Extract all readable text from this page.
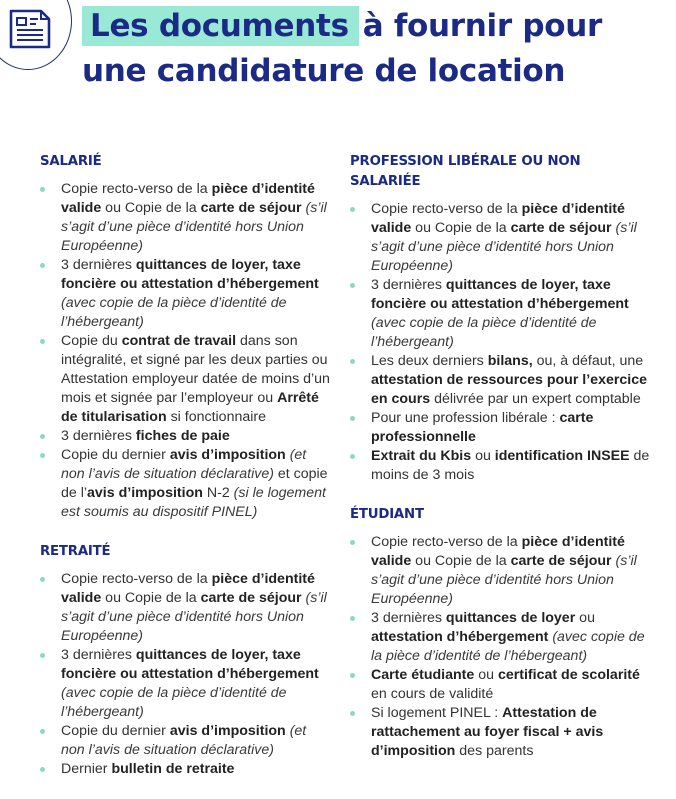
Les documents à fournir pour
une candidature de location
SALARIÉ
Copie recto-verso de la pièce d’identité valide ou Copie de la carte de séjour (s’il s’agit d’une pièce d’identité hors Union Européenne)
3 dernières quittances de loyer, taxe foncière ou attestation d’hébergement (avec copie de la pièce d’identité de l’hébergeant)
Copie du contrat de travail dans son intégralité, et signé par les deux parties ou Attestation employeur datée de moins d’un mois et signée par l’employeur ou Arrêté de titularisation si fonctionnaire
3 dernières fiches de paie
Copie du dernier avis d’imposition (et non l’avis de situation déclarative) et copie de l’avis d’imposition N-2 (si le logement est soumis au dispositif PINEL)
RETRAITÉ
Copie recto-verso de la pièce d’identité valide ou Copie de la carte de séjour (s’il s’agit d’une pièce d’identité hors Union Européenne)
3 dernières quittances de loyer, taxe foncière ou attestation d’hébergement (avec copie de la pièce d’identité de l’hébergeant)
Copie du dernier avis d’imposition (et non l’avis de situation déclarative)
Dernier bulletin de retraite
PROFESSION LIBÉRALE OU NON SALARIÉE
Copie recto-verso de la pièce d’identité valide ou Copie de la carte de séjour (s’il s’agit d’une pièce d’identité hors Union Européenne)
3 dernières quittances de loyer, taxe foncière ou attestation d’hébergement (avec copie de la pièce d’identité de l’hébergeant)
Les deux derniers bilans, ou, à défaut, une attestation de ressources pour l’exercice en cours délivrée par un expert comptable
Pour une profession libérale : carte professionnelle
Extrait du Kbis ou identification INSEE de moins de 3 mois
ÉTUDIANT
Copie recto-verso de la pièce d’identité valide ou Copie de la carte de séjour (s’il s’agit d’une pièce d’identité hors Union Européenne)
3 dernières quittances de loyer ou attestation d’hébergement (avec copie de la pièce d’identité de l’hébergeant)
Carte étudiante ou certificat de scolarité en cours de validité
Si logement PINEL : Attestation de rattachement au foyer fiscal + avis d’imposition des parents
